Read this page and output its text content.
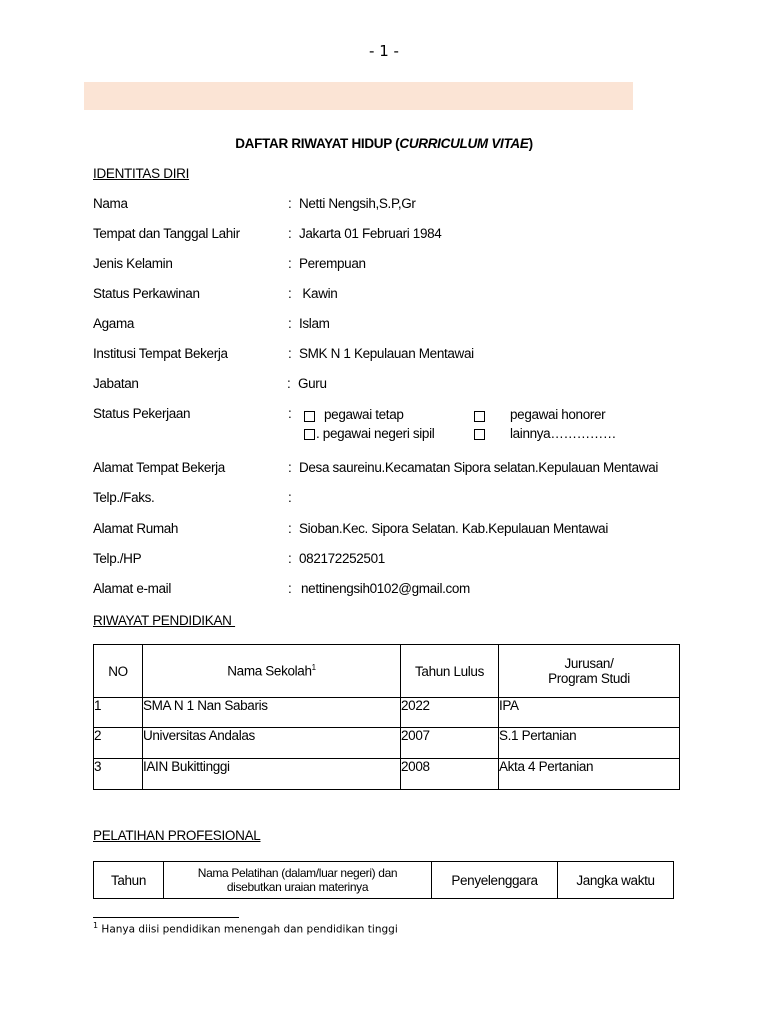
- 1 -
DAFTAR RIWAYAT HIDUP (CURRICULUM VITAE)
IDENTITAS DIRI
Nama	: Netti Nengsih,S.P,Gr
Tempat dan Tanggal Lahir	: Jakarta 01 Februari 1984
Jenis Kelamin	: Perempuan
Status Perkawinan	: Kawin
Agama	: Islam
Institusi Tempat Bekerja	: SMK N 1 Kepulauan Mentawai
Jabatan	: Guru
Status Pekerjaan	: pegawai tetap	pegawai honorer
. pegawai negeri sipil	lainnya……………
Alamat Tempat Bekerja	: Desa saureinu.Kecamatan Sipora selatan.Kepulauan Mentawai
Telp./Faks.	:
Alamat Rumah	: Sioban.Kec. Sipora Selatan. Kab.Kepulauan Mentawai
Telp./HP	: 082172252501
Alamat e-mail	: nettinengsih0102@gmail.com
RIWAYAT PENDIDIKAN
NO	Nama Sekolah$^1$	Tahun Lulus	Jurusan/
Program Studi

1	SMA N 1 Nan Sabaris	2022	IPA
2	Universitas Andalas	2007	S.1 Pertanian
3	IAIN Bukittinggi	2008	Akta 4 Pertanian
PELATIHAN PROFESIONAL
Tahun	Nama Pelatihan (dalam/luar negeri) dan
disebutkan uraian materinya	Penyelenggara	Jangka waktu
$^1$ Hanya diisi pendidikan menengah dan pendidikan tinggi
